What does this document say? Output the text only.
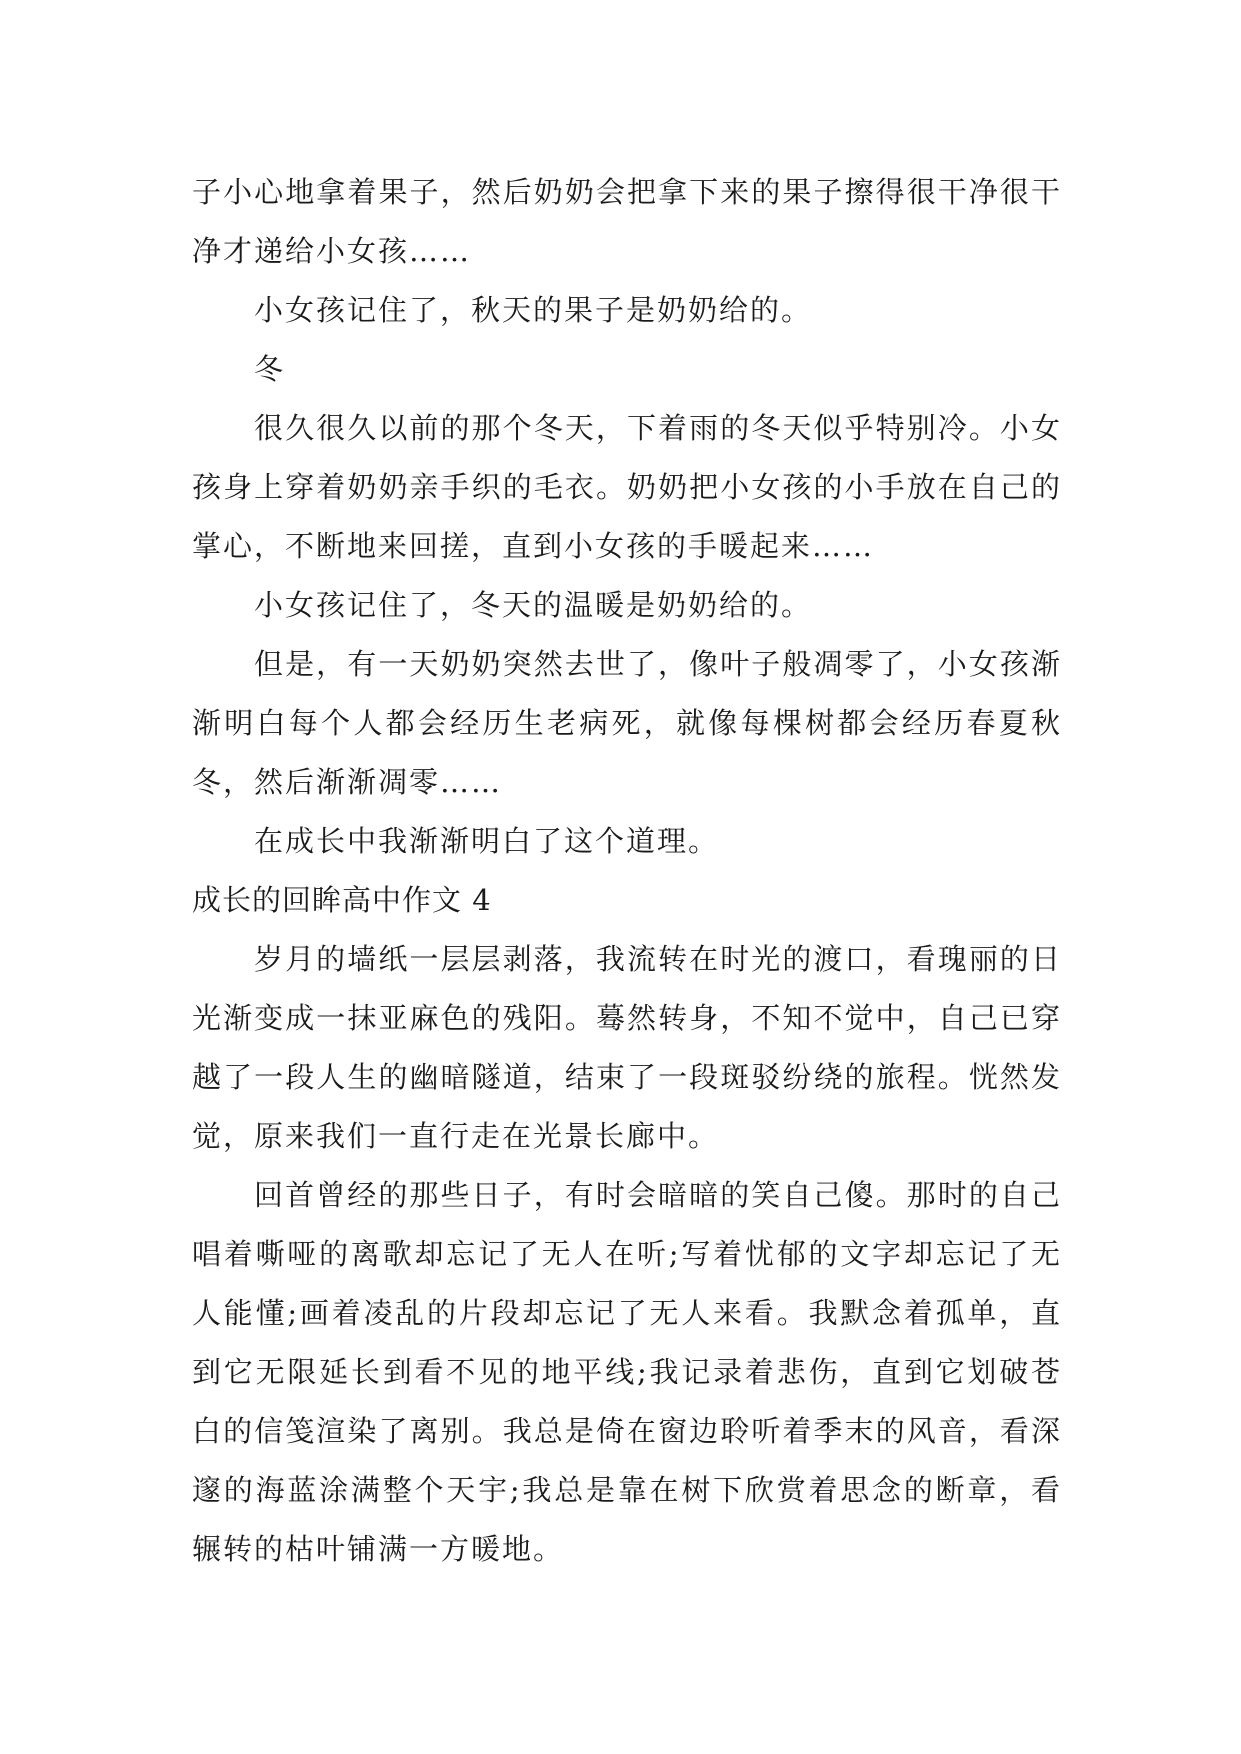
子小心地拿着果子，然后奶奶会把拿下来的果子擦得很干净很干净才递给小女孩……

小女孩记住了，秋天的果子是奶奶给的。

冬

很久很久以前的那个冬天，下着雨的冬天似乎特别冷。小女孩身上穿着奶奶亲手织的毛衣。奶奶把小女孩的小手放在自己的掌心，不断地来回搓，直到小女孩的手暖起来……

小女孩记住了，冬天的温暖是奶奶给的。

但是，有一天奶奶突然去世了，像叶子般凋零了，小女孩渐渐明白每个人都会经历生老病死，就像每棵树都会经历春夏秋冬，然后渐渐凋零……

在成长中我渐渐明白了这个道理。

成长的回眸高中作文 4

岁月的墙纸一层层剥落，我流转在时光的渡口，看瑰丽的日光渐变成一抹亚麻色的残阳。蓦然转身，不知不觉中，自己已穿越了一段人生的幽暗隧道，结束了一段斑驳纷绕的旅程。恍然发觉，原来我们一直行走在光景长廊中。

回首曾经的那些日子，有时会暗暗的笑自己傻。那时的自己唱着嘶哑的离歌却忘记了无人在听;写着忧郁的文字却忘记了无人能懂;画着凌乱的片段却忘记了无人来看。我默念着孤单，直到它无限延长到看不见的地平线;我记录着悲伤，直到它划破苍白的信笺渲染了离别。我总是倚在窗边聆听着季末的风音，看深邃的海蓝涂满整个天宇;我总是靠在树下欣赏着思念的断章，看辗转的枯叶铺满一方暖地。
